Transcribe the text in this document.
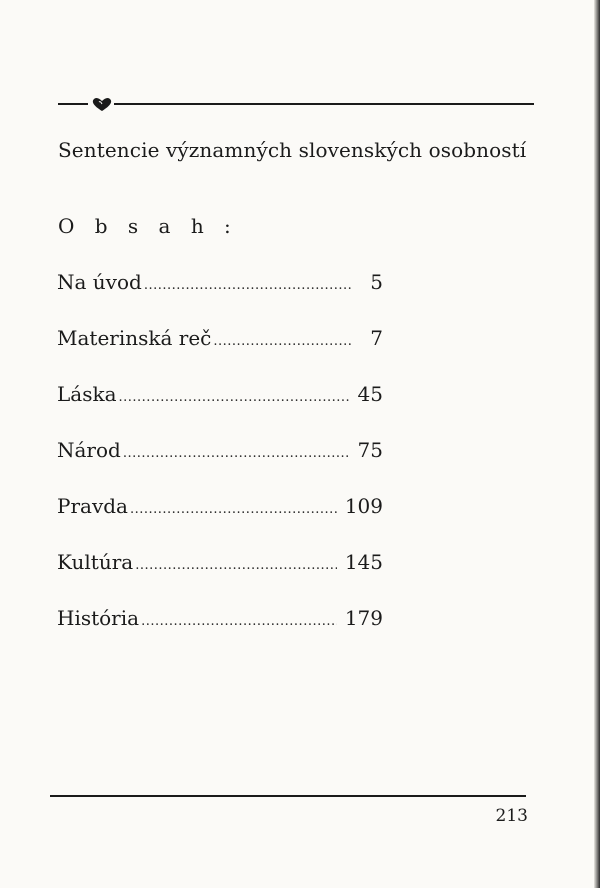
Sentencie významných slovenských osobností
O b s a h :
Na úvod .....	5
Materinská reč .....	7
Láska .....	45
Národ .....	75
Pravda .....	109
Kultúra .....	145
História .....	179
213
